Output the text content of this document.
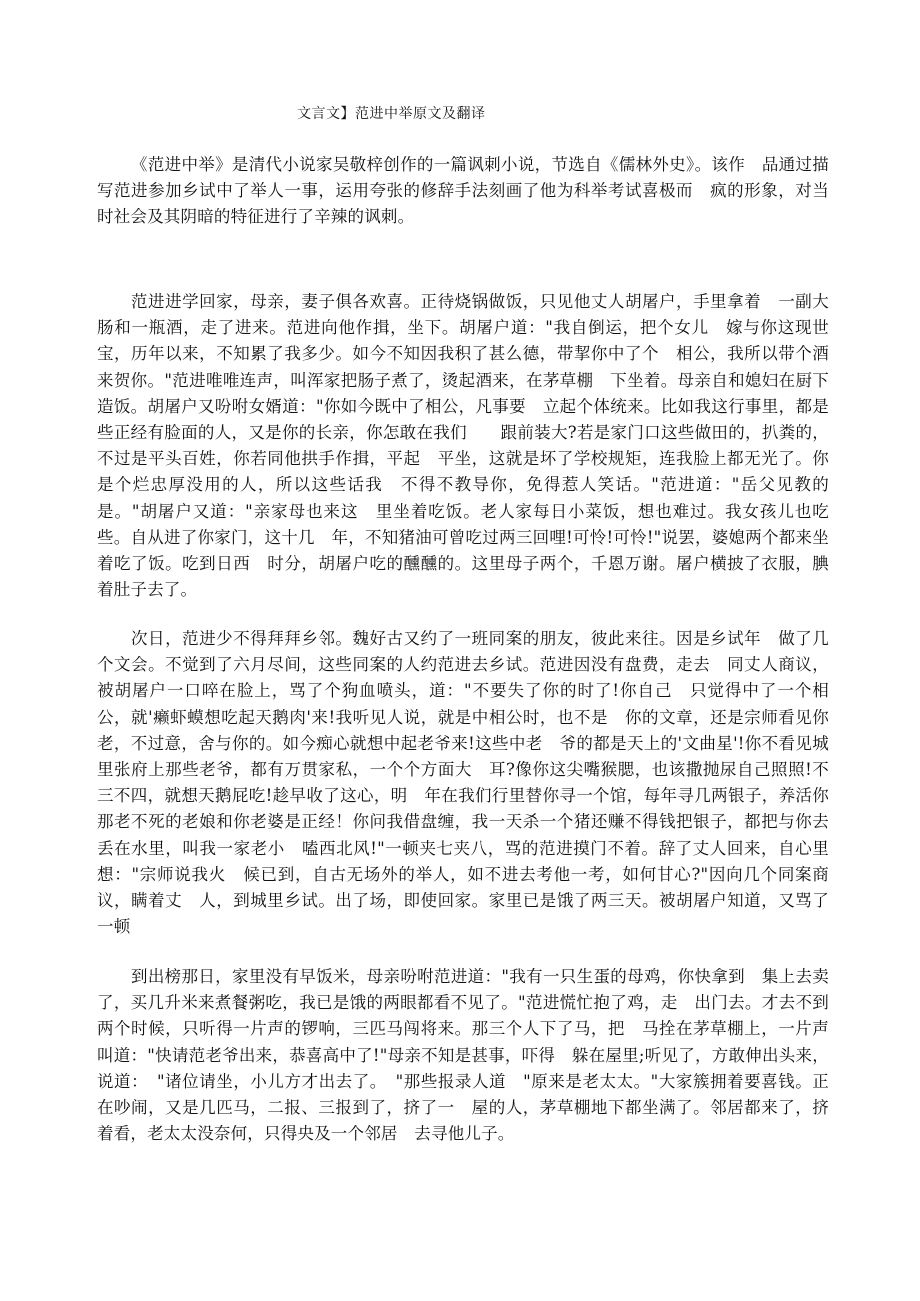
文言文】范进中举原文及翻译

《范进中举》是清代小说家吴敬梓创作的一篇讽刺小说，节选自《儒林外史》。该作　品通过描写范进参加乡试中了举人一事，运用夸张的修辞手法刻画了他为科举考试喜极而　疯的形象，对当时社会及其阴暗的特征进行了辛辣的讽刺。

范进进学回家，母亲，妻子俱各欢喜。正待烧锅做饭，只见他丈人胡屠户，手里拿着　一副大肠和一瓶酒，走了进来。范进向他作揖，坐下。胡屠户道："我自倒运，把个女儿　嫁与你这现世宝，历年以来，不知累了我多少。如今不知因我积了甚么德，带挈你中了个　相公，我所以带个酒来贺你。"范进唯唯连声，叫浑家把肠子煮了，烫起酒来，在茅草棚　下坐着。母亲自和媳妇在厨下造饭。胡屠户又吩咐女婿道："你如今既中了相公，凡事要　立起个体统来。比如我这行事里，都是些正经有脸面的人，又是你的长亲，你怎敢在我们　　跟前装大?若是家门口这些做田的，扒粪的，不过是平头百姓，你若同他拱手作揖，平起　平坐，这就是坏了学校规矩，连我脸上都无光了。你是个烂忠厚没用的人，所以这些话我　不得不教导你，免得惹人笑话。"范进道："岳父见教的是。"胡屠户又道："亲家母也来这　里坐着吃饭。老人家每日小菜饭，想也难过。我女孩儿也吃些。自从进了你家门，这十几　年，不知猪油可曾吃过两三回哩!可怜!可怜!"说罢，婆媳两个都来坐着吃了饭。吃到日西　时分，胡屠户吃的醺醺的。这里母子两个，千恩万谢。屠户横披了衣服，腆着肚子去了。

次日，范进少不得拜拜乡邻。魏好古又约了一班同案的朋友，彼此来往。因是乡试年　做了几个文会。不觉到了六月尽间，这些同案的人约范进去乡试。范进因没有盘费，走去　同丈人商议，被胡屠户一口啐在脸上，骂了个狗血喷头，道："不要失了你的时了!你自己　只觉得中了一个相公，就'癞虾蟆想吃起天鹅肉'来!我听见人说，就是中相公时，也不是　你的文章，还是宗师看见你老，不过意，舍与你的。如今痴心就想中起老爷来!这些中老　爷的都是天上的'文曲星'!你不看见城里张府上那些老爷，都有万贯家私，一个个方面大　耳?像你这尖嘴猴腮，也该撒抛尿自己照照!不三不四，就想天鹅屁吃!趁早收了这心，明　年在我们行里替你寻一个馆，每年寻几两银子，养活你那老不死的老娘和你老婆是正经！你问我借盘缠，我一天杀一个猪还赚不得钱把银子，都把与你去丢在水里，叫我一家老小　嗑西北风!"一顿夹七夹八，骂的范进摸门不着。辞了丈人回来，自心里想："宗师说我火　候已到，自古无场外的举人，如不进去考他一考，如何甘心?"因向几个同案商议，瞒着丈　人，到城里乡试。出了场，即使回家。家里已是饿了两三天。被胡屠户知道，又骂了一顿

到出榜那日，家里没有早饭米，母亲吩咐范进道："我有一只生蛋的母鸡，你快拿到　集上去卖了，买几升米来煮餐粥吃，我已是饿的两眼都看不见了。"范进慌忙抱了鸡，走　出门去。才去不到两个时候，只听得一片声的锣响，三匹马闯将来。那三个人下了马，把　马拴在茅草棚上，一片声叫道："快请范老爷出来，恭喜高中了!"母亲不知是甚事，吓得　躲在屋里;听见了，方敢伸出头来，说道：　"诸位请坐，小儿方才出去了。　"那些报录人道　"原来是老太太。"大家簇拥着要喜钱。正在吵闹，又是几匹马，二报、三报到了，挤了一　屋的人，茅草棚地下都坐满了。邻居都来了，挤着看，老太太没奈何，只得央及一个邻居　去寻他儿子。
